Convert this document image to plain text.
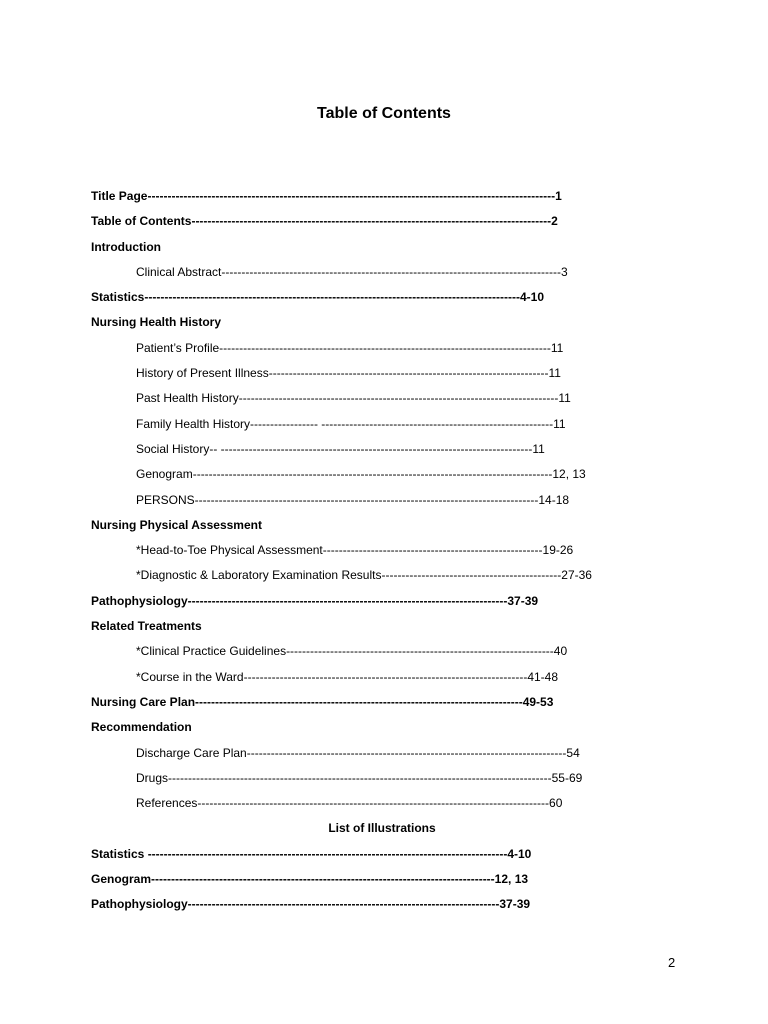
Table of Contents
Title Page------------------------------------------------------------------------------------------------------1
Table of Contents------------------------------------------------------------------------------------------2
Introduction
Clinical Abstract-------------------------------------------------------------------------------------3
Statistics----------------------------------------------------------------------------------------------4-10
Nursing Health History
Patient’s Profile-----------------------------------------------------------------------------------11
History of Present Illness----------------------------------------------------------------------11
Past Health History--------------------------------------------------------------------------------11
Family Health History----------------- ----------------------------------------------------------11
Social History-- ------------------------------------------------------------------------------11
Genogram------------------------------------------------------------------------------------------12, 13
PERSONS--------------------------------------------------------------------------------------14-18
Nursing Physical Assessment
*Head-to-Toe Physical Assessment-------------------------------------------------------19-26
*Diagnostic & Laboratory Examination Results---------------------------------------------27-36
Pathophysiology--------------------------------------------------------------------------------37-39
Related Treatments
*Clinical Practice Guidelines-------------------------------------------------------------------40
*Course in the Ward-----------------------------------------------------------------------41-48
Nursing Care Plan----------------------------------------------------------------------------------49-53
Recommendation
Discharge Care Plan--------------------------------------------------------------------------------54
Drugs------------------------------------------------------------------------------------------------55-69
References----------------------------------------------------------------------------------------60
List of Illustrations
Statistics ------------------------------------------------------------------------------------------4-10
Genogram--------------------------------------------------------------------------------------12, 13
Pathophysiology------------------------------------------------------------------------------37-39
2
